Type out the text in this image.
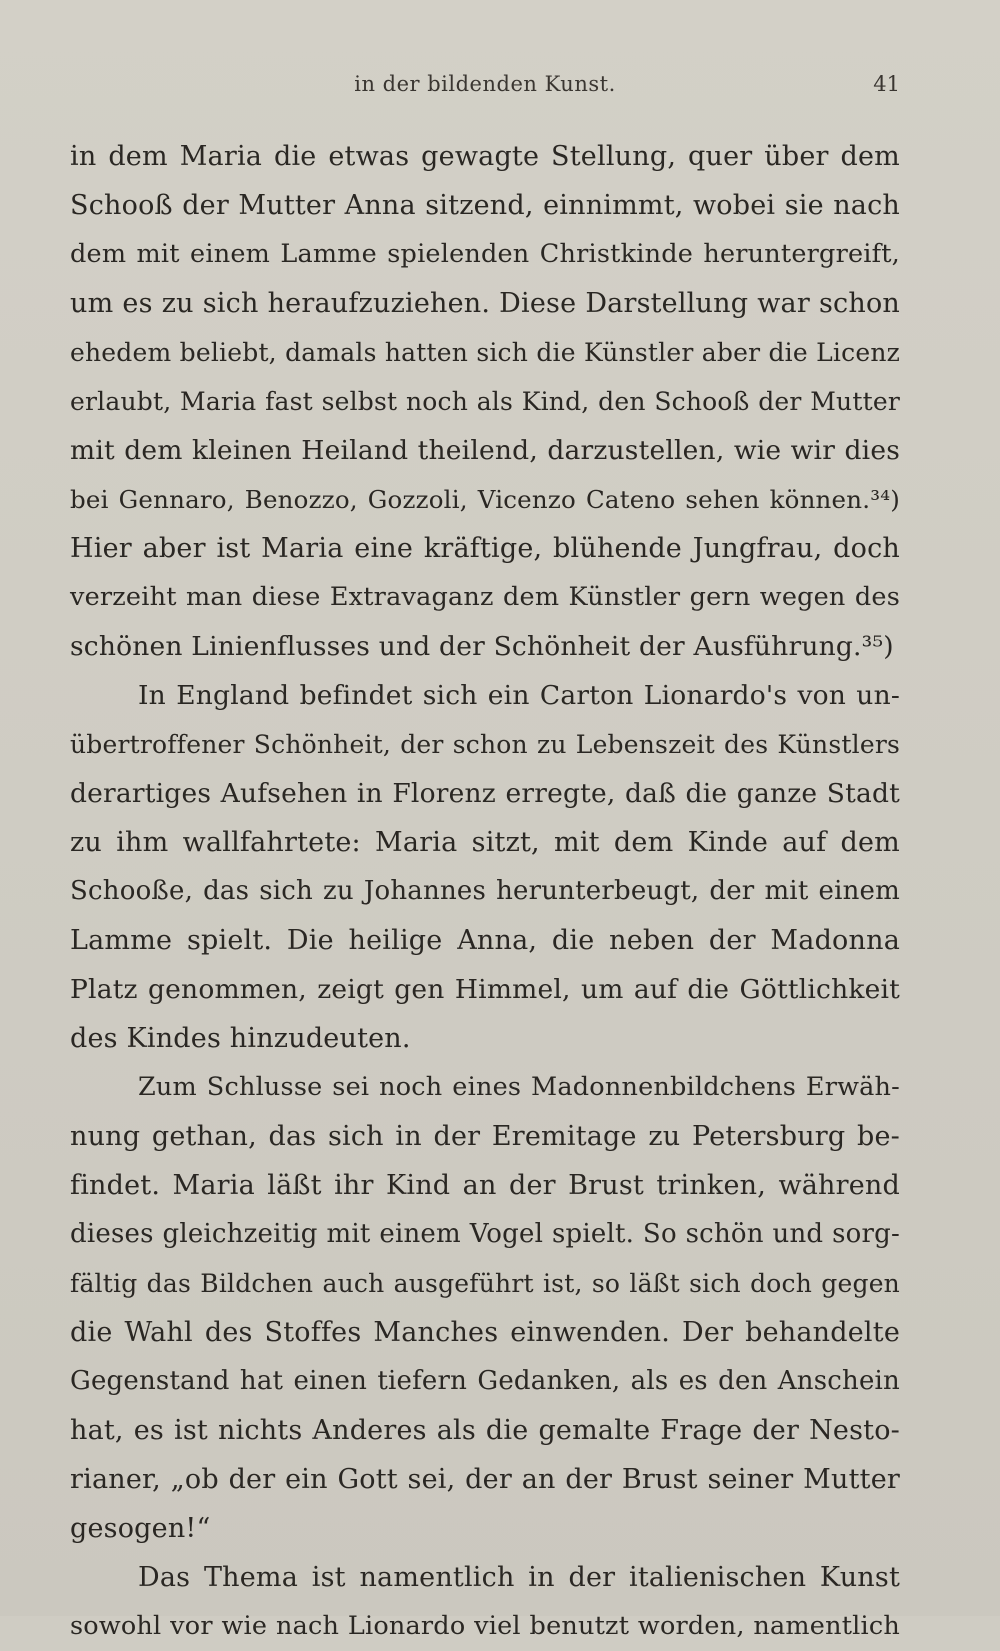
in der bildenden Kunst.	41
in dem Maria die etwas gewagte Stellung, quer über dem
Schooß der Mutter Anna sitzend, einnimmt, wobei sie nach
dem mit einem Lamme spielenden Christkinde heruntergreift,
um es zu sich heraufzuziehen. Diese Darstellung war schon
ehedem beliebt, damals hatten sich die Künstler aber die Licenz
erlaubt, Maria fast selbst noch als Kind, den Schooß der Mutter
mit dem kleinen Heiland theilend, darzustellen, wie wir dies
bei Gennaro, Benozzo, Gozzoli, Vicenzo Cateno sehen können.³⁴)
Hier aber ist Maria eine kräftige, blühende Jungfrau, doch
verzeiht man diese Extravaganz dem Künstler gern wegen des
schönen Linienflusses und der Schönheit der Ausführung.³⁵)
In England befindet sich ein Carton Lionardo's von un-
übertroffener Schönheit, der schon zu Lebenszeit des Künstlers
derartiges Aufsehen in Florenz erregte, daß die ganze Stadt
zu ihm wallfahrtete: Maria sitzt, mit dem Kinde auf dem
Schooße, das sich zu Johannes herunterbeugt, der mit einem
Lamme spielt. Die heilige Anna, die neben der Madonna
Platz genommen, zeigt gen Himmel, um auf die Göttlichkeit
des Kindes hinzudeuten.
Zum Schlusse sei noch eines Madonnenbildchens Erwäh-
nung gethan, das sich in der Eremitage zu Petersburg be-
findet. Maria läßt ihr Kind an der Brust trinken, während
dieses gleichzeitig mit einem Vogel spielt. So schön und sorg-
fältig das Bildchen auch ausgeführt ist, so läßt sich doch gegen
die Wahl des Stoffes Manches einwenden. Der behandelte
Gegenstand hat einen tiefern Gedanken, als es den Anschein
hat, es ist nichts Anderes als die gemalte Frage der Nesto-
rianer, „ob der ein Gott sei, der an der Brust seiner Mutter
gesogen!“
Das Thema ist namentlich in der italienischen Kunst
sowohl vor wie nach Lionardo viel benutzt worden, namentlich
